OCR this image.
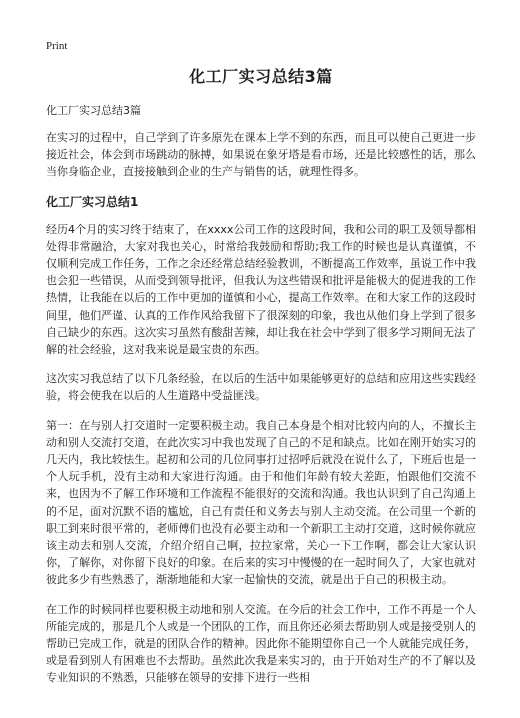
Print
化工厂实习总结3篇
化工厂实习总结3篇
在实习的过程中，自己学到了许多原先在课本上学不到的东西，而且可以使自己更进一步接近社会，体会到市场跳动的脉搏，如果说在象牙塔是看市场，还是比较感性的话，那么当你身临企业，直接接触到企业的生产与销售的话，就理性得多。
化工厂实习总结1
经历4个月的实习终于结束了，在xxxx公司工作的这段时间，我和公司的职工及领导都相处得非常融洽，大家对我也关心，时常给我鼓励和帮助;我工作的时候也是认真谨慎，不仅顺利完成工作任务，工作之余还经常总结经验教训，不断提高工作效率，虽说工作中我也会犯一些错误，从而受到领导批评，但我认为这些错误和批评是能极大的促进我的工作热情，让我能在以后的工作中更加的谨慎和小心，提高工作效率。在和大家工作的这段时间里，他们严谨、认真的工作作风给我留下了很深刻的印象，我也从他们身上学到了很多自己缺少的东西。这次实习虽然有酸甜苦辣，却让我在社会中学到了很多学习期间无法了解的社会经验，这对我来说是最宝贵的东西。
这次实习我总结了以下几条经验，在以后的生活中如果能够更好的总结和应用这些实践经验，将会使我在以后的人生道路中受益匪浅。
第一：在与别人打交道时一定要积极主动。我自己本身是个相对比较内向的人，不擅长主动和别人交流打交道，在此次实习中我也发现了自己的不足和缺点。比如在刚开始实习的几天内，我比较怯生。起初和公司的几位同事打过招呼后就没在说什么了，下班后也是一个人玩手机，没有主动和大家进行沟通。由于和他们年龄有较大差距，怕跟他们交流不来，也因为不了解工作环境和工作流程不能很好的交流和沟通。我也认识到了自己沟通上的不足，面对沉默不语的尴尬，自己有责任和义务去与别人主动交流。在公司里一个新的职工到来时很平常的，老师傅们也没有必要主动和一个新职工主动打交道，这时候你就应该主动去和别人交流，介绍介绍自己啊，拉拉家常，关心一下工作啊，都会让大家认识你，了解你，对你留下良好的印象。在后来的实习中慢慢的在一起时间久了，大家也就对彼此多少有些熟悉了，渐渐地能和大家一起愉快的交流，就是出于自己的积极主动。
在工作的时候同样也要积极主动地和别人交流。在今后的社会工作中，工作不再是一个人所能完成的，那是几个人或是一个团队的工作，而且你还必须去帮助别人或是接受别人的帮助已完成工作，就是的团队合作的精神。因此你不能期望你自己一个人就能完成任务，或是看到别人有困难也不去帮助。虽然此次我是来实习的，由于开始对生产的不了解以及专业知识的不熟悉，只能够在领导的安排下进行一些相
